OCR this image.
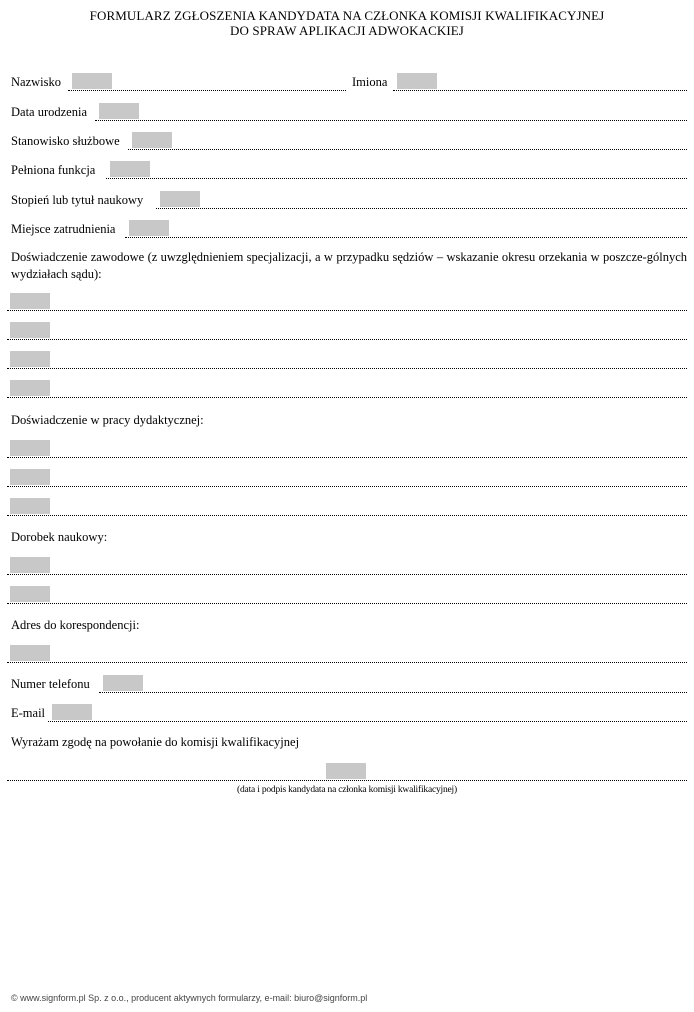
FORMULARZ ZGŁOSZENIA KANDYDATA NA CZŁONKA KOMISJI KWALIFIKACYJNEJ
DO SPRAW APLIKACJI ADWOKACKIEJ
Nazwisko	Imiona
Data urodzenia
Stanowisko służbowe
Pełniona funkcja
Stopień lub tytuł naukowy
Miejsce zatrudnienia
Doświadczenie zawodowe (z uwzględnieniem specjalizacji, a w przypadku sędziów – wskazanie okresu orzekania w poszcze-gólnych wydziałach sądu):
Doświadczenie w pracy dydaktycznej:
Dorobek naukowy:
Adres do korespondencji:
Numer telefonu
E-mail
Wyrażam zgodę na powołanie do komisji kwalifikacyjnej
(data i podpis kandydata na członka komisji kwalifikacyjnej)
© www.signform.pl Sp. z o.o., producent aktywnych formularzy, e-mail: biuro@signform.pl
